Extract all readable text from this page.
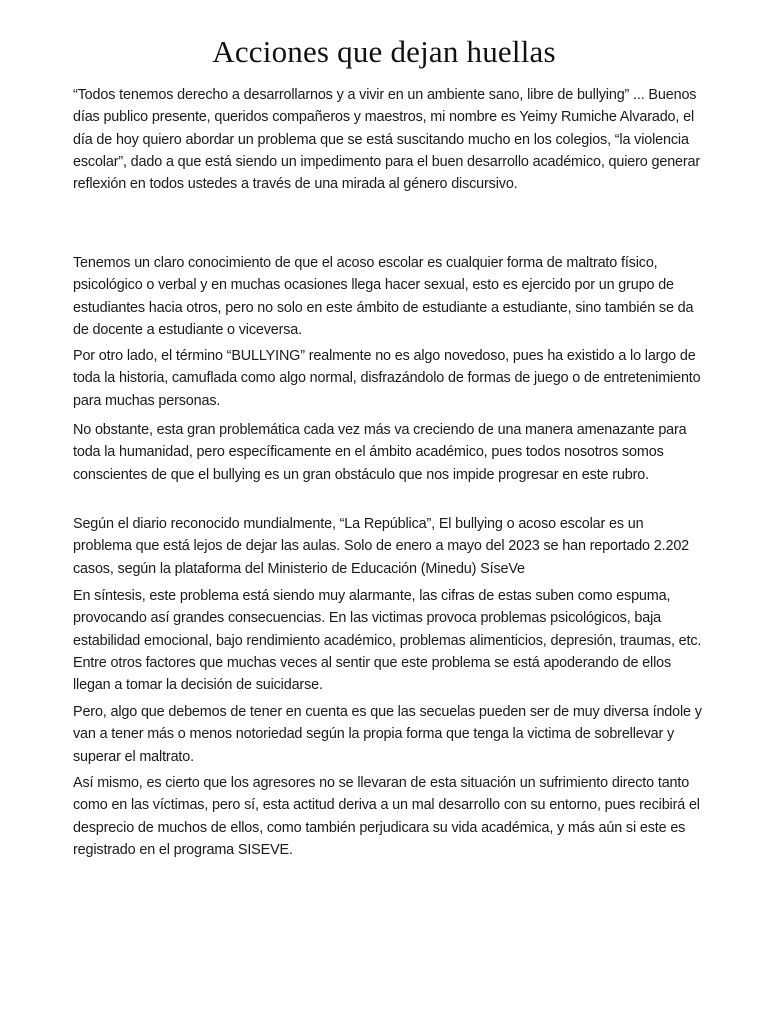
Acciones que dejan huellas

“Todos tenemos derecho a desarrollarnos y a vivir en un ambiente sano, libre de bullying” ... Buenos días publico presente, queridos compañeros y maestros, mi nombre es Yeimy Rumiche Alvarado, el día de hoy quiero abordar un problema que se está suscitando mucho en los colegios, “la violencia escolar”, dado a que está siendo un impedimento para el buen desarrollo académico, quiero generar reflexión en todos ustedes a través de una mirada al género discursivo.

Tenemos un claro conocimiento de que el acoso escolar es cualquier forma de maltrato físico, psicológico o verbal y en muchas ocasiones llega hacer sexual, esto es ejercido por un grupo de estudiantes hacia otros, pero no solo en este ámbito de estudiante a estudiante, sino también se da de docente a estudiante o viceversa.

Por otro lado, el término “BULLYING” realmente no es algo novedoso, pues ha existido a lo largo de toda la historia, camuflada como algo normal, disfrazándolo de formas de juego o de entretenimiento para muchas personas.

No obstante, esta gran problemática cada vez más va creciendo de una manera amenazante para toda la humanidad, pero específicamente en el ámbito académico, pues todos nosotros somos conscientes de que el bullying es un gran obstáculo que nos impide progresar en este rubro.

Según el diario reconocido mundialmente, “La República”, El bullying o acoso escolar es un problema que está lejos de dejar las aulas. Solo de enero a mayo del 2023 se han reportado 2.202 casos, según la plataforma del Ministerio de Educación (Minedu) SíseVe

En síntesis, este problema está siendo muy alarmante, las cifras de estas suben como espuma, provocando así grandes consecuencias. En las victimas provoca problemas psicológicos, baja estabilidad emocional, bajo rendimiento académico, problemas alimenticios, depresión, traumas, etc. Entre otros factores que muchas veces al sentir que este problema se está apoderando de ellos llegan a tomar la decisión de suicidarse.

Pero, algo que debemos de tener en cuenta es que las secuelas pueden ser de muy diversa índole y van a tener más o menos notoriedad según la propia forma que tenga la victima de sobrellevar y superar el maltrato.

Así mismo, es cierto que los agresores no se llevaran de esta situación un sufrimiento directo tanto como en las víctimas, pero sí, esta actitud deriva a un mal desarrollo con su entorno, pues recibirá el desprecio de muchos de ellos, como también perjudicara su vida académica, y más aún si este es registrado en el programa SISEVE.
